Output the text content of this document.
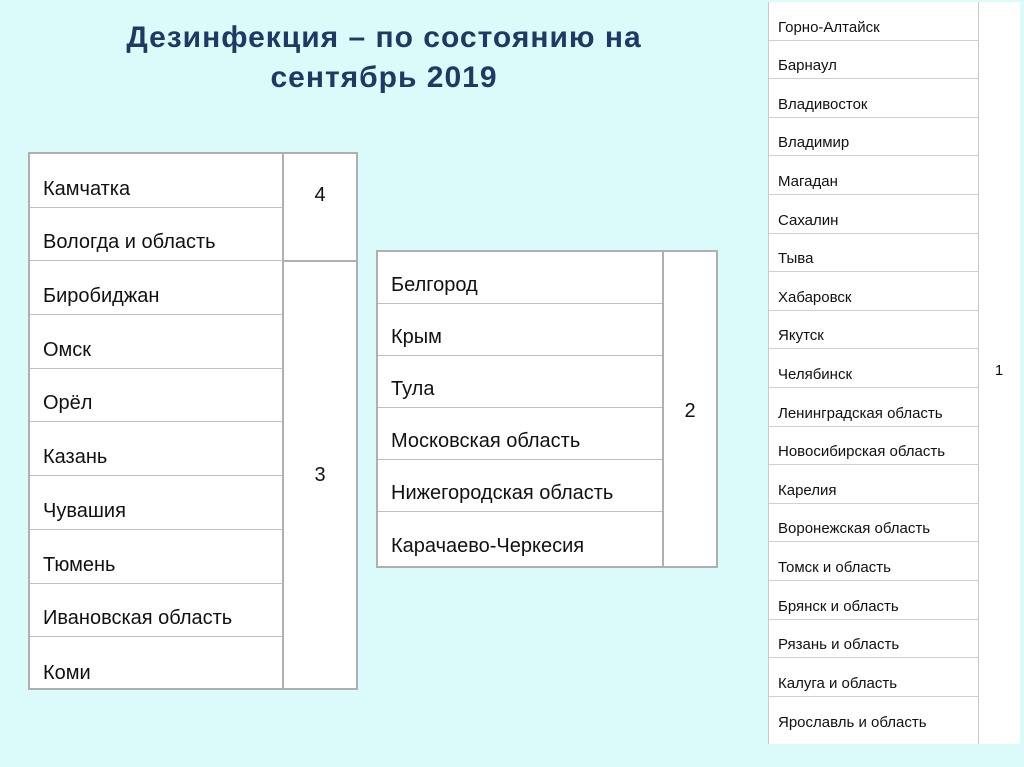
Дезинфекция – по состоянию на
сентябрь 2019
Камчатка
Вологда и область
Биробиджан
Омск
Орёл
Казань
Чувашия
Тюмень
Ивановская область
Коми
4
3
Белгород
Крым
Тула
Московская область
Нижегородская область
Карачаево-Черкесия
2
Горно-Алтайск
Барнаул
Владивосток
Владимир
Магадан
Сахалин
Тыва
Хабаровск
Якутск
Челябинск
Ленинградская область
Новосибирская область
Карелия
Воронежская область
Томск и область
Брянск и область
Рязань и область
Калуга и область
Ярославль и область
1
